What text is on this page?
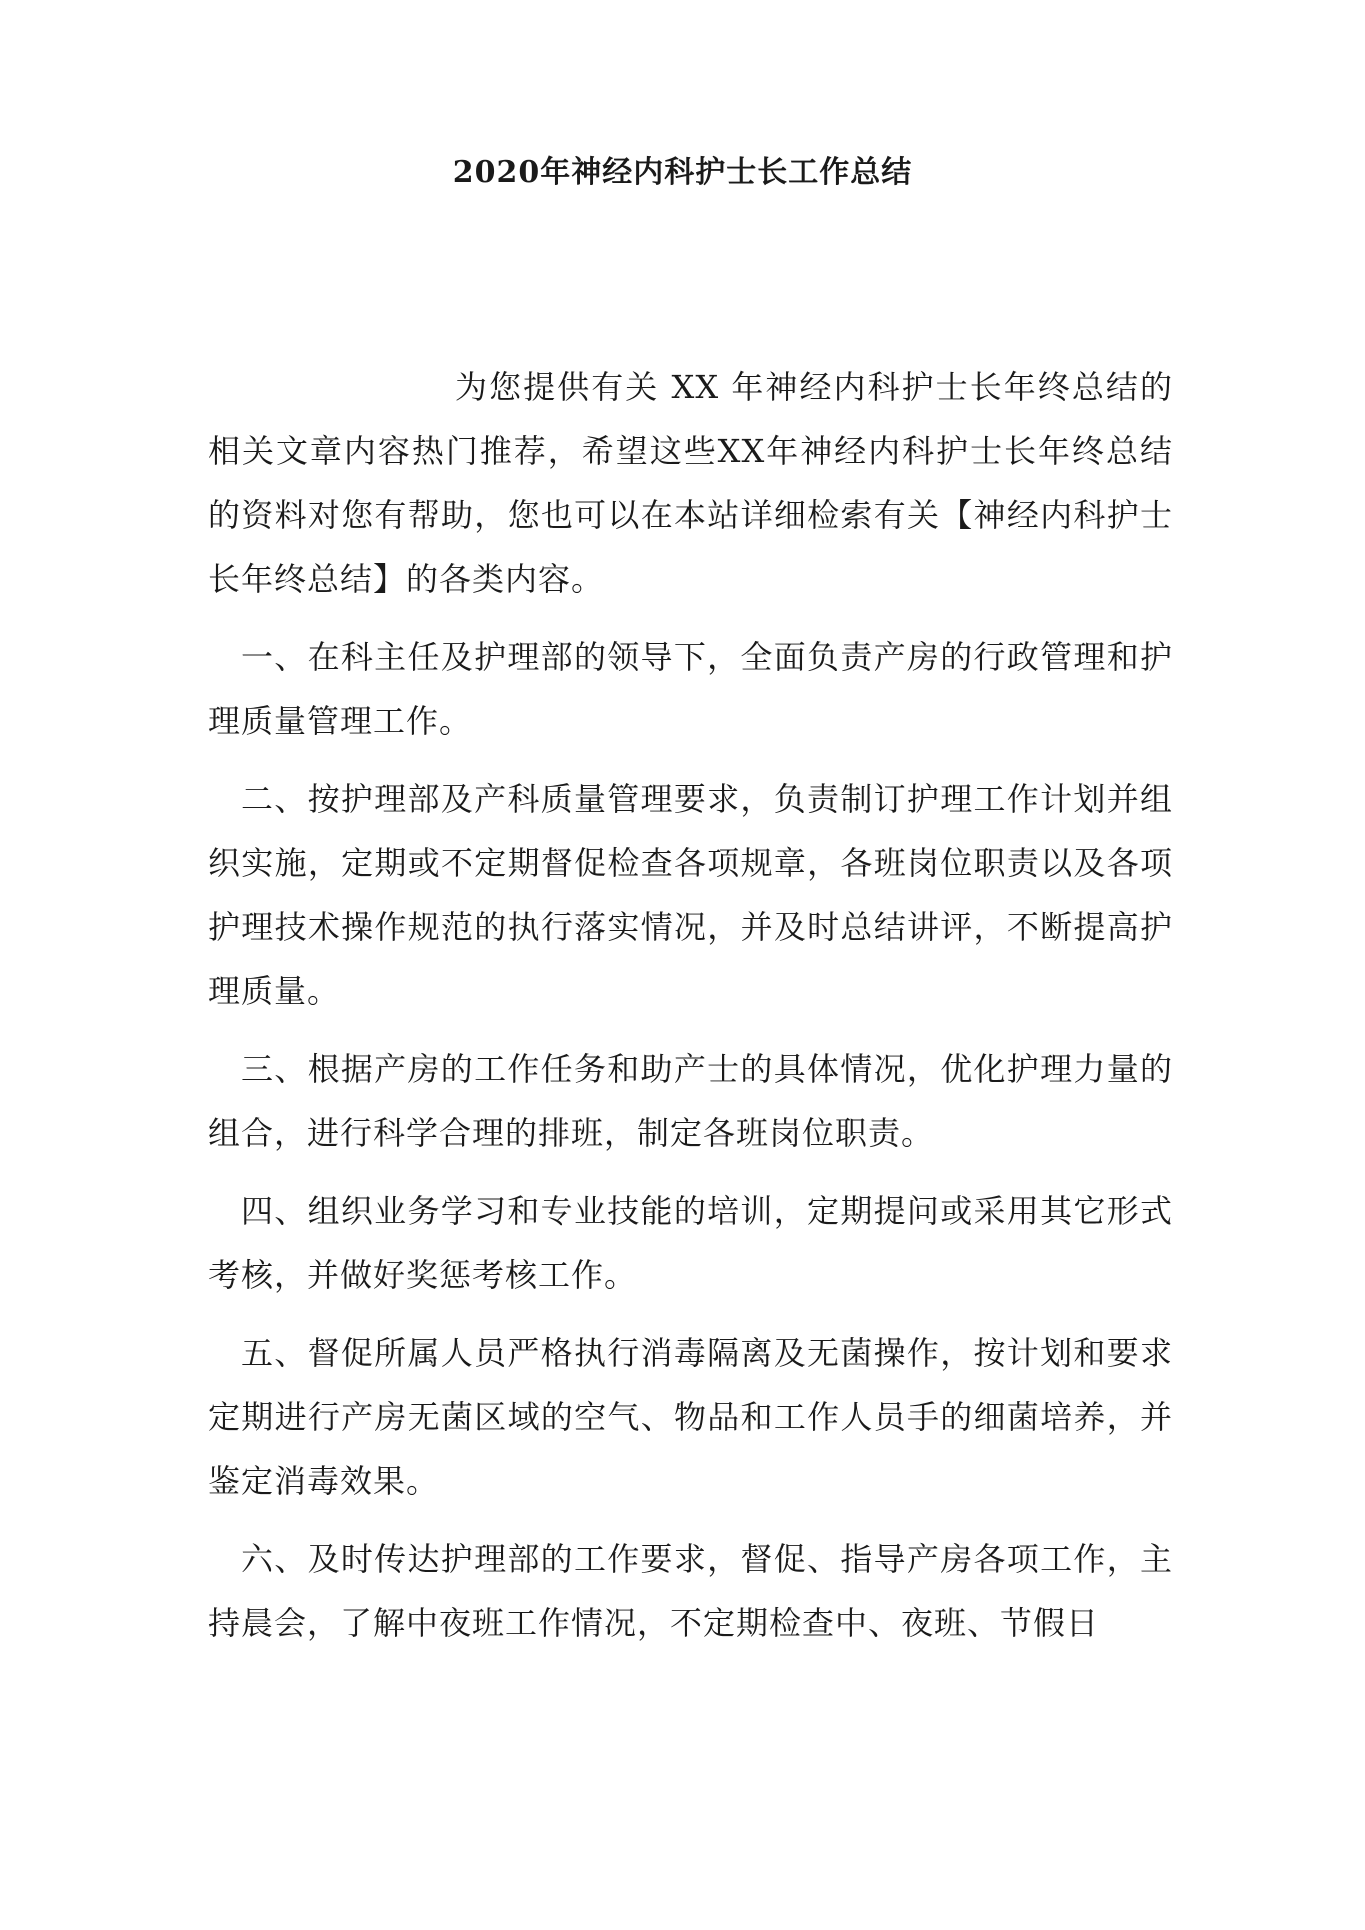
2020年神经内科护士长工作总结

为您提供有关 XX 年神经内科护士长年终总结的相关文章内容热门推荐，希望这些XX年神经内科护士长年终总结的资料对您有帮助，您也可以在本站详细检索有关【神经内科护士长年终总结】的各类内容。

一、在科主任及护理部的领导下，全面负责产房的行政管理和护理质量管理工作。

二、按护理部及产科质量管理要求，负责制订护理工作计划并组织实施，定期或不定期督促检查各项规章，各班岗位职责以及各项护理技术操作规范的执行落实情况，并及时总结讲评，不断提高护理质量。

三、根据产房的工作任务和助产士的具体情况，优化护理力量的组合，进行科学合理的排班，制定各班岗位职责。

四、组织业务学习和专业技能的培训，定期提问或采用其它形式考核，并做好奖惩考核工作。

五、督促所属人员严格执行消毒隔离及无菌操作，按计划和要求定期进行产房无菌区域的空气、物品和工作人员手的细菌培养，并鉴定消毒效果。

六、及时传达护理部的工作要求，督促、指导产房各项工作，主持晨会，了解中夜班工作情况，不定期检查中、夜班、节假日
